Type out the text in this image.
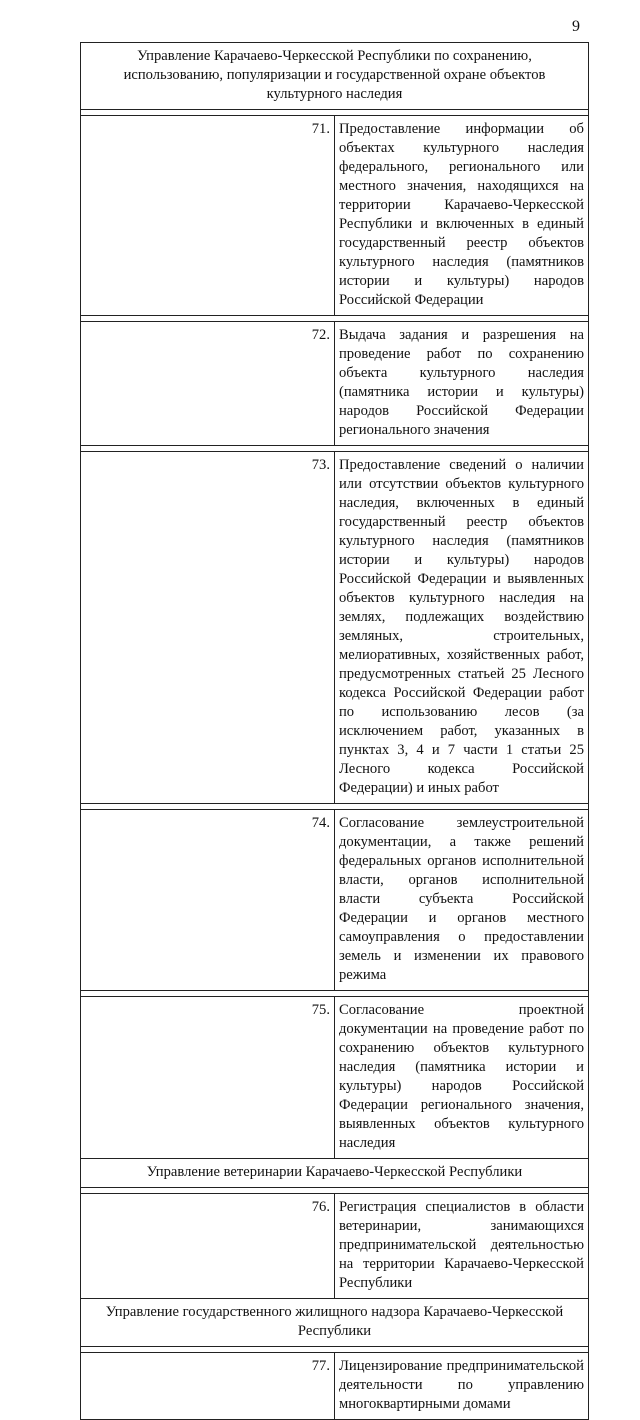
9
Управление Карачаево-Черкесской Республики по сохранению, использованию, популяризации и государственной охране объектов культурного наследия	

71.	Предоставление информации об объектах культурного наследия федерального, регионального или местного значения, находящихся на территории Карачаево-Черкесской Республики и включенных в единый государственный реестр объектов культурного наследия (памятников истории и культуры) народов Российской Федерации

72.	Выдача задания и разрешения на проведение работ по сохранению объекта культурного наследия (памятника истории и культуры) народов Российской Федерации регионального значения

73.	Предоставление сведений о наличии или отсутствии объектов культурного наследия, включенных в единый государственный реестр объектов культурного наследия (памятников истории и культуры) народов Российской Федерации и выявленных объектов культурного наследия на землях, подлежащих воздействию земляных, строительных, мелиоративных, хозяйственных работ, предусмотренных статьей 25 Лесного кодекса Российской Федерации работ по использованию лесов (за исключением работ, указанных в пунктах 3, 4 и 7 части 1 статьи 25 Лесного кодекса Российской Федерации) и иных работ

74.	Согласование землеустроительной документации, а также решений федеральных органов исполнительной власти, органов исполнительной власти субъекта Российской Федерации и органов местного самоуправления о предоставлении земель и изменении их правового режима

75.	Согласование проектной документации на проведение работ по сохранению объектов культурного наследия (памятника истории и культуры) народов Российской Федерации регионального значения, выявленных объектов культурного наследия
Управление ветеринарии Карачаево-Черкесской Республики	

76.	Регистрация специалистов в области ветеринарии, занимающихся предпринимательской деятельностью на территории Карачаево-Черкесской Республики
Управление государственного жилищного надзора Карачаево-Черкесской Республики	

77.	Лицензирование предпринимательской деятельности по управлению многоквартирными домами
